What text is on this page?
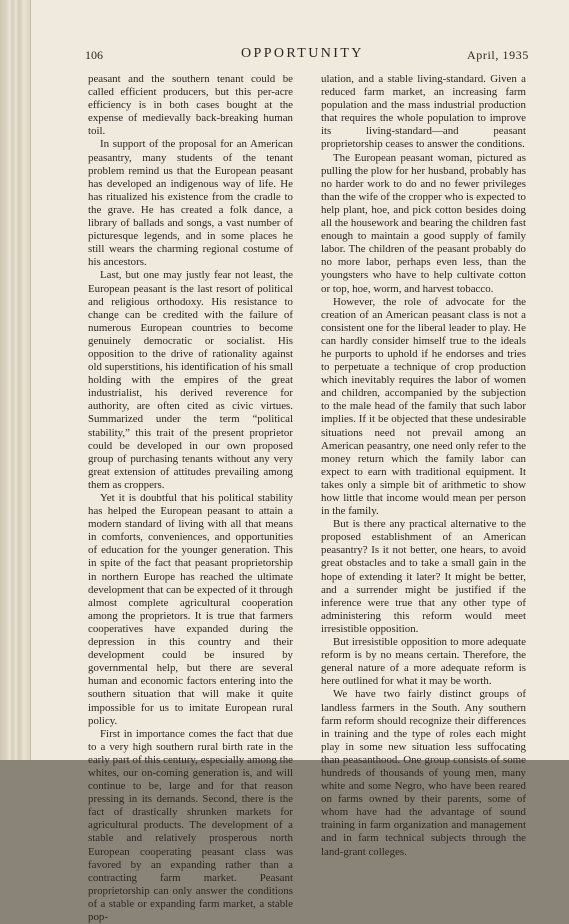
106	OPPORTUNITY	April, 1935

peasant and the southern tenant could be called efficient producers, but this per-acre efficiency is in both cases bought at the expense of medievally back-breaking human toil.

In support of the proposal for an American peasantry, many students of the tenant problem remind us that the European peasant has developed an indigenous way of life. He has ritualized his existence from the cradle to the grave. He has created a folk dance, a library of ballads and songs, a vast number of picturesque legends, and in some places he still wears the charming regional costume of his ancestors.

Last, but one may justly fear not least, the European peasant is the last resort of political and religious orthodoxy. His resistance to change can be credited with the failure of numerous European countries to become genuinely democratic or socialist. His opposition to the drive of rationality against old superstitions, his identification of his small holding with the empires of the great industrialist, his derived reverence for authority, are often cited as civic virtues. Summarized under the term “political stability,” this trait of the present proprietor could be developed in our own proposed group of purchasing tenants without any very great extension of attitudes prevailing among them as croppers.

Yet it is doubtful that his political stability has helped the European peasant to attain a modern standard of living with all that means in comforts, conveniences, and opportunities of education for the younger generation. This in spite of the fact that peasant proprietorship in northern Europe has reached the ultimate development that can be expected of it through almost complete agricultural cooperation among the proprietors. It is true that farmers cooperatives have expanded during the depression in this country and their development could be insured by governmental help, but there are several human and economic factors entering into the southern situation that will make it quite impossible for us to imitate European rural policy.

First in importance comes the fact that due to a very high southern rural birth rate in the early part of this century, especially among the whites, our on-coming generation is, and will continue to be, large and for that reason pressing in its demands. Second, there is the fact of drastically shrunken markets for agricultural products. The development of a stable and relatively prosperous north European cooperating peasant class was favored by an expanding rather than a contracting farm market. Peasant proprietorship can only answer the conditions of a stable or expanding farm market, a stable pop-

ulation, and a stable living-standard. Given a reduced farm market, an increasing farm population and the mass industrial production that requires the whole population to improve its living-standard—and peasant proprietorship ceases to answer the conditions.

The European peasant woman, pictured as pulling the plow for her husband, probably has no harder work to do and no fewer privileges than the wife of the cropper who is expected to help plant, hoe, and pick cotton besides doing all the housework and bearing the children fast enough to maintain a good supply of family labor. The children of the peasant probably do no more labor, perhaps even less, than the youngsters who have to help cultivate cotton or top, hoe, worm, and harvest tobacco.

However, the role of advocate for the creation of an American peasant class is not a consistent one for the liberal leader to play. He can hardly consider himself true to the ideals he purports to uphold if he endorses and tries to perpetuate a technique of crop production which inevitably requires the labor of women and children, accompanied by the subjection to the male head of the family that such labor implies. If it be objected that these undesirable situations need not prevail among an American peasantry, one need only refer to the money return which the family labor can expect to earn with traditional equipment. It takes only a simple bit of arithmetic to show how little that income would mean per person in the family.

But is there any practical alternative to the proposed establishment of an American peasantry? Is it not better, one hears, to avoid great obstacles and to take a small gain in the hope of extending it later? It might be better, and a surrender might be justified if the inference were true that any other type of administering this reform would meet irresistible opposition.

But irresistible opposition to more adequate reform is by no means certain. Therefore, the general nature of a more adequate reform is here outlined for what it may be worth.

We have two fairly distinct groups of landless farmers in the South. Any southern farm reform should recognize their differences in training and the type of roles each might play in some new situation less suffocating than peasanthood. One group consists of some hundreds of thousands of young men, many white and some Negro, who have been reared on farms owned by their parents, some of whom have had the advantage of sound training in farm organization and management and in farm technical subjects through the land-grant colleges.
